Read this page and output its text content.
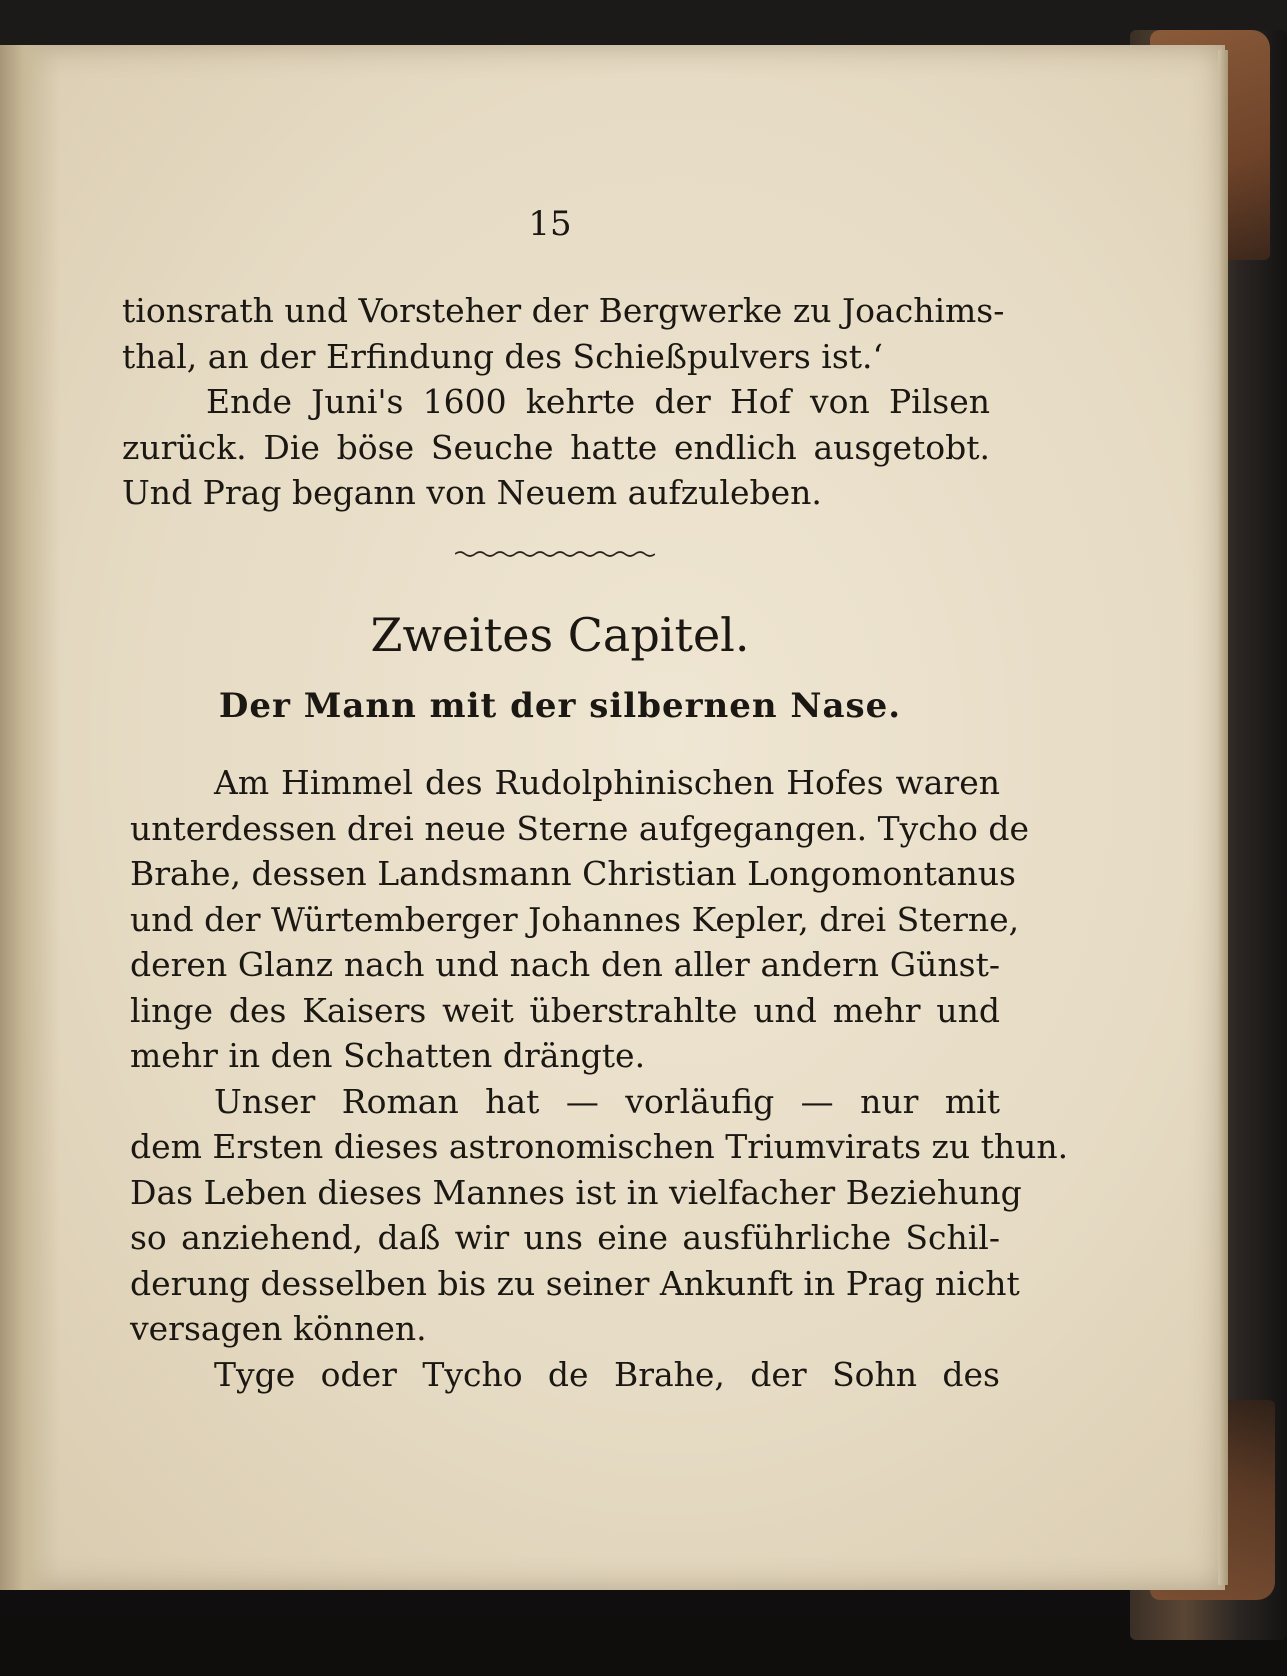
15
tionsrath und Vorsteher der Bergwerke zu Joachims-
thal, an der Erfindung des Schießpulvers ist.‘
Ende Juni's 1600 kehrte der Hof von Pilsen
zurück. Die böse Seuche hatte endlich ausgetobt.
Und Prag begann von Neuem aufzuleben.
Zweites Capitel.
Der Mann mit der silbernen Nase.
Am Himmel des Rudolphinischen Hofes waren
unterdessen drei neue Sterne aufgegangen. Tycho de
Brahe, dessen Landsmann Christian Longomontanus
und der Würtemberger Johannes Kepler, drei Sterne,
deren Glanz nach und nach den aller andern Günst-
linge des Kaisers weit überstrahlte und mehr und
mehr in den Schatten drängte.
Unser Roman hat — vorläufig — nur mit
dem Ersten dieses astronomischen Triumvirats zu thun.
Das Leben dieses Mannes ist in vielfacher Beziehung
so anziehend, daß wir uns eine ausführliche Schil-
derung desselben bis zu seiner Ankunft in Prag nicht
versagen können.
Tyge oder Tycho de Brahe, der Sohn des
